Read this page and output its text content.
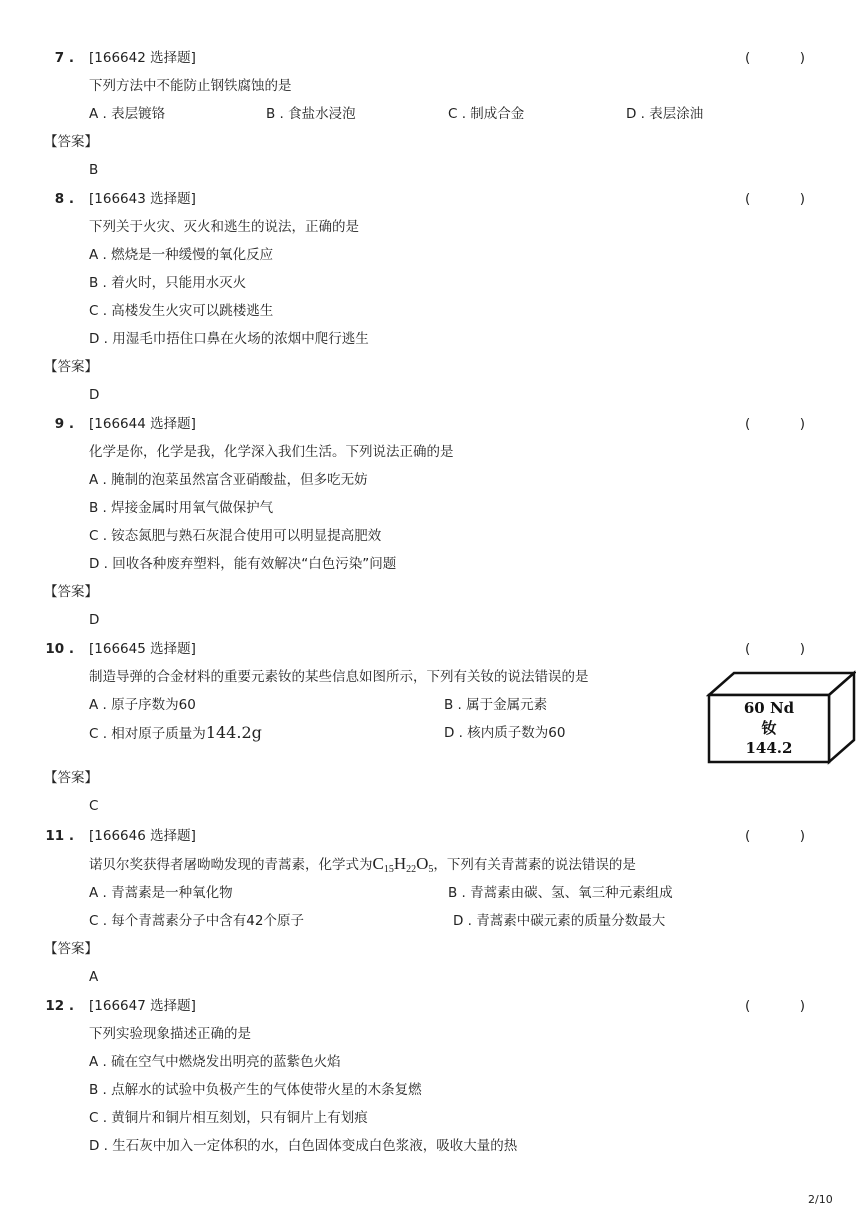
7 . [166642 选择题]	(	)
下列方法中不能防止钢铁腐蚀的是
A . 表层镀铬	B . 食盐水浸泡	C . 制成合金	D . 表层涂油
【答案】
B
8 . [166643 选择题]	(	)
下列关于火灾、灭火和逃生的说法，正确的是
A . 燃烧是一种缓慢的氧化反应
B . 着火时，只能用水灭火
C . 高楼发生火灾可以跳楼逃生
D . 用湿毛巾捂住口鼻在火场的浓烟中爬行逃生
【答案】
D
9 . [166644 选择题]	(	)
化学是你，化学是我，化学深入我们生活。下列说法正确的是
A . 腌制的泡菜虽然富含亚硝酸盐，但多吃无妨
B . 焊接金属时用氧气做保护气
C . 铵态氮肥与熟石灰混合使用可以明显提高肥效
D . 回收各种废弃塑料，能有效解决“白色污染”问题
【答案】
D
10 . [166645 选择题]	(	)
制造导弹的合金材料的重要元素钕的某些信息如图所示，下列有关钕的说法错误的是
A . 原子序数为60	B . 属于金属元素
C . 相对原子质量为144.2g	D . 核内质子数为60
60 Nd
钕
144.2
【答案】
C
11 . [166646 选择题]	(	)
诺贝尔奖获得者屠呦呦发现的青蒿素，化学式为$C_{15}H_{22}O_5$，下列有关青蒿素的说法错误的是
A . 青蒿素是一种氧化物	B . 青蒿素由碳、氢、氧三种元素组成
C . 每个青蒿素分子中含有42个原子	D . 青蒿素中碳元素的质量分数最大
【答案】
A
12 . [166647 选择题]	(	)
下列实验现象描述正确的是
A . 硫在空气中燃烧发出明亮的蓝紫色火焰
B . 点解水的试验中负极产生的气体使带火星的木条复燃
C . 黄铜片和铜片相互刻划，只有铜片上有划痕
D . 生石灰中加入一定体积的水，白色固体变成白色浆液，吸收大量的热
2/10
